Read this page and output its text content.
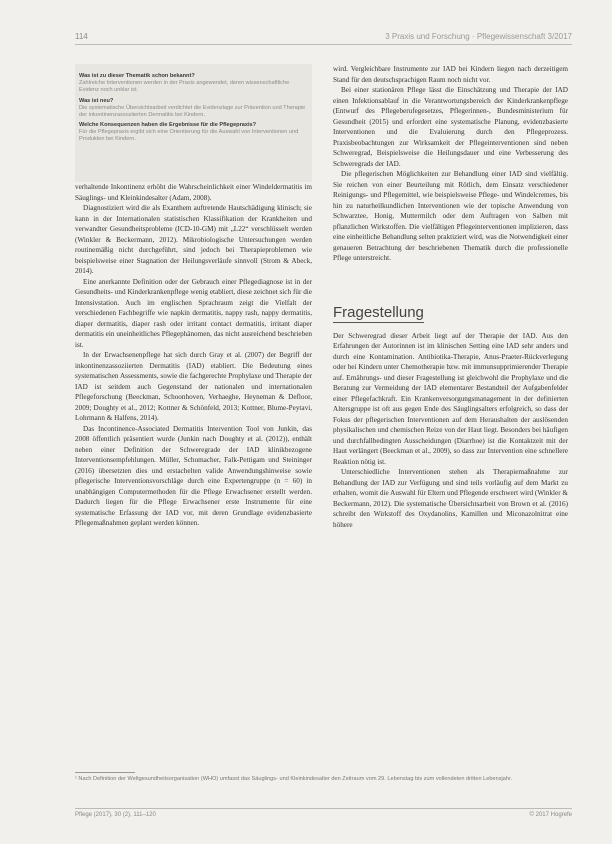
114	3 Praxis und Forschung · Pflegewissenschaft 3/2017
Was ist zu dieser Thematik schon bekannt?
Zahlreiche Interventionen werden in der Praxis angewendet, deren wissenschaftliche Evidenz noch unklar ist.
Was ist neu?
Die systematische Übersichtsarbeit verdichtet die Evidenzlage zur Prävention und Therapie der inkontinenzassoziierten Dermatitis bei Kindern.
Welche Konsequenzen haben die Ergebnisse für die Pflegepraxis?
Für die Pflegepraxis ergibt sich eine Orientierung für die Auswahl von Interventionen und Produkten bei Kindern.

verhaltende Inkontinenz erhöht die Wahrscheinlichkeit einer Windeldermatitis im Säuglings- und Kleinkindesalter (Adam, 2008).

Diagnostiziert wird die als Exanthem auftretende Hautschädigung klinisch; sie kann in der Internationalen statistischen Klassifikation der Krankheiten und verwandter Gesundheitsprobleme (ICD-10-GM) mit „L22“ verschlüsselt werden (Winkler & Beckermann, 2012). Mikrobiologische Untersuchungen werden routinemäßig nicht durchgeführt, sind jedoch bei Therapieproblemen wie beispielsweise einer Stagnation der Heilungsverläufe sinnvoll (Strom & Abeck, 2014).

Eine anerkannte Definition oder der Gebrauch einer Pflegediagnose ist in der Gesundheits- und Kinderkrankenpflege wenig etabliert, diese zeichnet sich für die Intensivstation. Auch im englischen Sprachraum zeigt die Vielfalt der verschiedenen Fachbegriffe wie napkin dermatitis, nappy rash, nappy dermatitis, diaper dermatitis, diaper rash oder irritant contact dermatitis, irritant diaper dermatitis ein uneinheitliches Pflegephänomen, das nicht ausreichend beschrieben ist.

In der Erwachsenenpflege hat sich durch Gray et al. (2007) der Begriff der inkontinenzassoziierten Dermatitis (IAD) etabliert. Die Bedeutung eines systematischen Assessments, sowie die fachgerechte Prophylaxe und Therapie der IAD ist seitdem auch Gegenstand der nationalen und internationalen Pflegeforschung (Beeckman, Schoonhoven, Verhaeghe, Heyneman & Defloor, 2009; Doughty et al., 2012; Kottner & Schönfeld, 2013; Kottner, Blume-Peytavi, Lohrmann & Halfens, 2014).

Das Incontinence-Associated Dermatitis Intervention Tool von Junkin, das 2008 öffentlich präsentiert wurde (Junkin nach Doughty et al. (2012)), enthält neben einer Definition der Schweregrade der IAD klinikbezogene Interventionsempfehlungen. Müller, Schumacher, Falk-Pettigam und Steininger (2016) übersetzten dies und erstachelten valide Anwendungshinweise sowie pflegerische Interventionsvorschläge durch eine Expertengruppe (n = 60) in unabhängigen Computermethoden für die Pflege Erwachsener erstellt werden. Dadurch liegen für die Pflege Erwachsener erste Instrumente für eine systematische Erfassung der IAD vor, mit deren Grundlage evidenzbasierte Pflegemaßnahmen geplant werden können.

wird. Vergleichbare Instrumente zur IAD bei Kindern liegen nach derzeitigem Stand für den deutschsprachigen Raum noch nicht vor.

Bei einer stationären Pflege lässt die Einschätzung und Therapie der IAD einen Infektionsablauf in die Verantwortungsbereich der Kinderkrankenpflege (Entwurf des Pflegeberufegesetzes, Pflegerinnen-, Bundesministerium für Gesundheit (2015) und erfordert eine systematische Planung, evidenzbasierte Interventionen und die Evaluierung durch den Pflegeprozess. Praxisbeobachtungen zur Wirksamkeit der Pflegeinterventionen sind neben Schweregrad, Beispielsweise die Heilungsdauer und eine Verbesserung des Schweregrads der IAD.

Die pflegerischen Möglichkeiten zur Behandlung einer IAD sind vielfältig. Sie reichen von einer Beurteilung mit Rötlich, dem Einsatz verschiedener Reinigungs- und Pflegemittel, wie beispielsweise Pflege- und Windelcremes, bis hin zu naturheilkundlichen Interventionen wie der topische Anwendung von Schwarztee, Honig, Muttermilch oder dem Auftragen von Salben mit pflanzlichen Wirkstoffen. Die vielfältigen Pflegeinterventionen implizieren, dass eine einheitliche Behandlung selten praktiziert wird, was die Notwendigkeit einer genaueren Betrachtung der beschriebenen Thematik durch die professionelle Pflege unterstreicht.

Fragestellung

Der Schweregrad dieser Arbeit liegt auf der Therapie der IAD. Aus den Erfahrungen der Autorinnen ist im klinischen Setting eine IAD sehr anders und durch eine Kontamination. Antibiotika-Therapie, Anus-Praeter-Rückverlegung oder bei Kindern unter Chemotherapie bzw. mit immunsupprimierender Therapie auf. Ernährungs- und dieser Fragestellung ist gleichwohl die Prophylaxe und die Beratung zur Vermeidung der IAD elementarer Bestandteil der Aufgabenfelder einer Pflegefachkraft. Ein Krankenversorgungsmanagement in der definierten Altersgruppe ist oft aus gegen Ende des Säuglingsalters erfolgreich, so dass der Fokus der pflegerischen Interventionen auf dem Heraushalten der auslösenden physikalischen und chemischen Reize von der Haut liegt. Besonders bei häufigen und durchfallbedingten Ausscheidungen (Diarrhoe) ist die Kontaktzeit mit der Haut verlängert (Beeckman et al., 2009), so dass zur Intervention eine schnellere Reaktion nötig ist.

Unterschiedliche Interventionen stehen als Therapiemaßnahme zur Behandlung der IAD zur Verfügung und sind teils vorläufig auf dem Markt zu erhalten, womit die Auswahl für Eltern und Pflegende erschwert wird (Winkler & Beckermann, 2012). Die systematische Übersichtsarbeit von Brown et al. (2016) schreibt den Wirkstoff des Oxydanolins, Kamillen und Miconazolnitrat eine höhere

¹ Nach Definition der Weltgesundheitsorganisation (WHO) umfasst das Säuglings- und Kleinkindesalter den Zeitraum vom 29. Lebenstag bis zum vollendeten dritten Lebensjahr.
Pflege (2017), 30 (2), 111–120	© 2017 Hogrefe
